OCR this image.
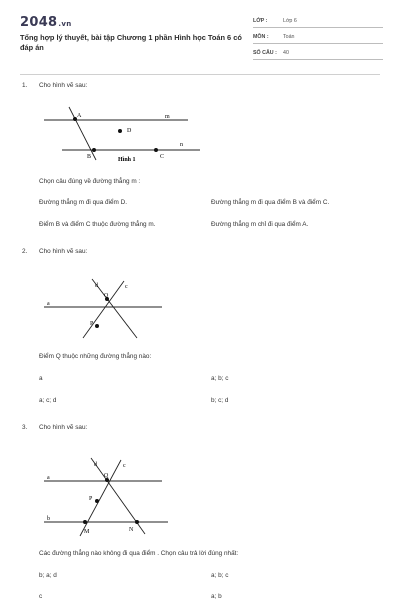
2048.vn
Tổng hợp lý thuyết, bài tập Chương 1 phần Hình học Toán 6 có đáp án
LỚP :	Lớp 6
MÔN :	Toán
SỐ CÂU :	40
1. Cho hình vẽ sau:
A
B	C
D
m
n
Hình 1
Chọn câu đúng về đường thẳng m :
Đường thẳng m đi qua điểm D.	Đường thẳng m đi qua điểm B và điểm C.
Điểm B và điểm C thuộc đường thẳng m.	Đường thẳng m chỉ đi qua điểm A.
2. Cho hình vẽ sau:
a
d	c
Q
P
Điểm Q thuộc những đường thẳng nào:
a	a; b; c
a; c; d	b; c; d
3. Cho hình vẽ sau:
a
b
d	c
Q
P
M	N
Các đường thẳng nào không đi qua điểm . Chọn câu trả lời đúng nhất:
b; a; d	a; b; c
c	a; b
